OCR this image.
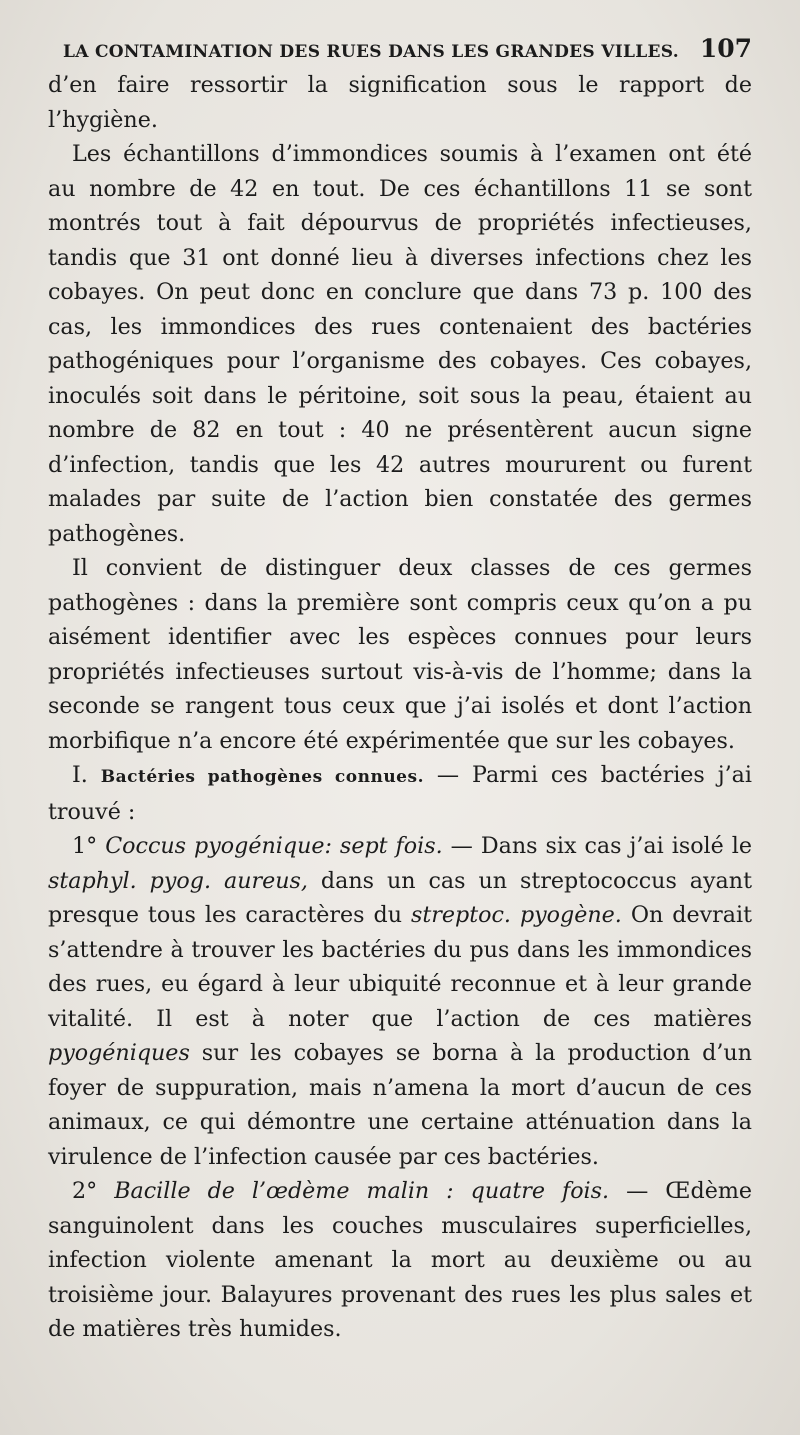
LA CONTAMINATION DES RUES DANS LES GRANDES VILLES. 107

d’en faire ressortir la signification sous le rapport de l’hygiène.

Les échantillons d’immondices soumis à l’examen ont été au nombre de 42 en tout. De ces échantillons 11 se sont montrés tout à fait dépourvus de propriétés infectieuses, tandis que 31 ont donné lieu à diverses infections chez les cobayes. On peut donc en conclure que dans 73 p. 100 des cas, les immondices des rues contenaient des bactéries pathogéniques pour l’organisme des cobayes. Ces cobayes, inoculés soit dans le péritoine, soit sous la peau, étaient au nombre de 82 en tout : 40 ne présentèrent aucun signe d’infection, tandis que les 42 autres moururent ou furent malades par suite de l’action bien constatée des germes pathogènes.

Il convient de distinguer deux classes de ces germes pathogènes : dans la première sont compris ceux qu’on a pu aisément identifier avec les espèces connues pour leurs propriétés infectieuses surtout vis-à-vis de l’homme; dans la seconde se rangent tous ceux que j’ai isolés et dont l’action morbifique n’a encore été expérimentée que sur les cobayes.

I. Bactéries pathogènes connues. — Parmi ces bactéries j’ai trouvé :

1° Coccus pyogénique: sept fois. — Dans six cas j’ai isolé le staphyl. pyog. aureus, dans un cas un streptococcus ayant presque tous les caractères du streptoc. pyogène. On devrait s’attendre à trouver les bactéries du pus dans les immondices des rues, eu égard à leur ubiquité reconnue et à leur grande vitalité. Il est à noter que l’action de ces matières pyogéniques sur les cobayes se borna à la production d’un foyer de suppuration, mais n’amena la mort d’aucun de ces animaux, ce qui démontre une certaine atténuation dans la virulence de l’infection causée par ces bactéries.

2° Bacille de l’œdème malin : quatre fois. — Œdème sanguinolent dans les couches musculaires superficielles, infection violente amenant la mort au deuxième ou au troisième jour. Balayures provenant des rues les plus sales et de matières très humides.
